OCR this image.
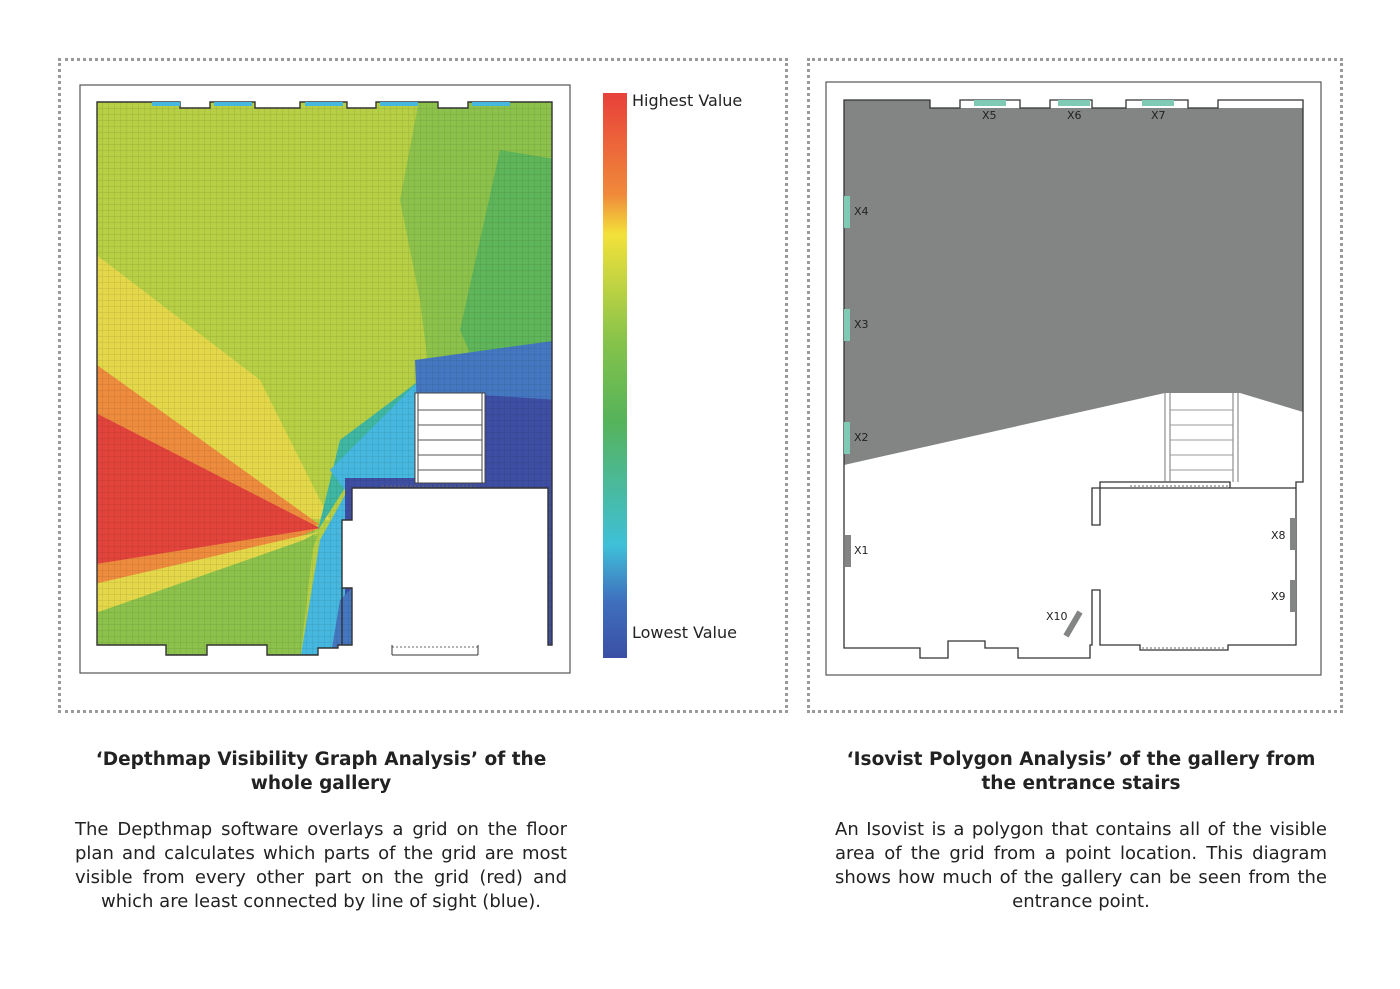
Highest Value
Lowest Value
X5	X6	X7
X4
X3
X2
X1
X8
X9
X10
‘Depthmap Visibility Graph Analysis’ of the whole gallery

The Depthmap software overlays a grid on the floor plan and calculates which parts of the grid are most visible from every other part on the grid (red) and which are least connected by line of sight (blue).

‘Isovist Polygon Analysis’ of the gallery from the entrance stairs

An Isovist is a polygon that contains all of the visible area of the grid from a point location. This diagram shows how much of the gallery can be seen from the entrance point.
